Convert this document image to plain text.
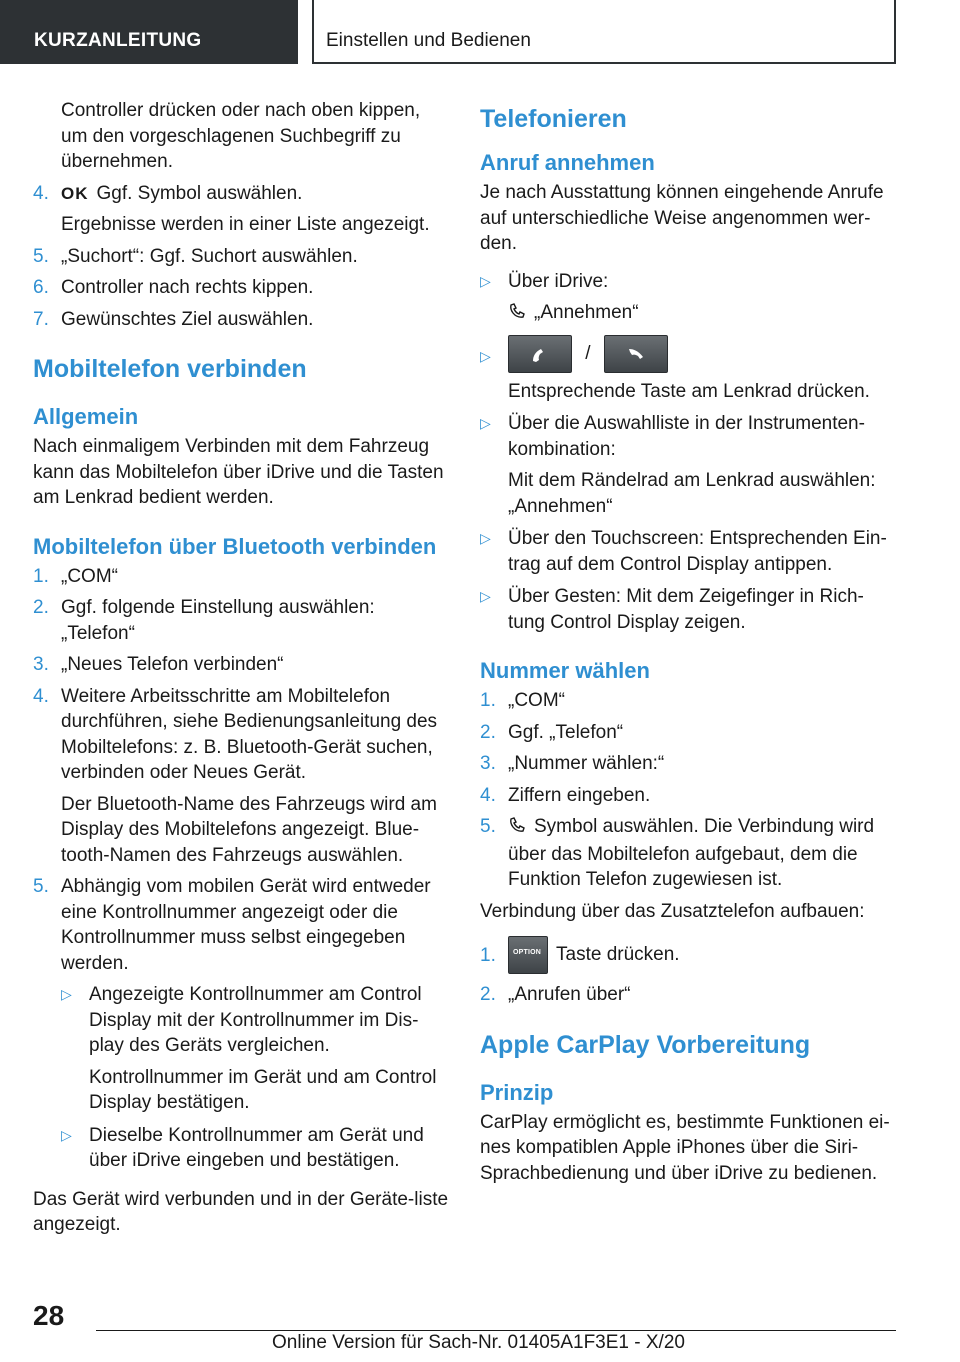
KURZANLEITUNG	Einstellen und Bedienen
Controller drücken oder nach oben kippen, um den vorgeschlagenen Suchbegriff zu übernehmen.
4. OK Ggf. Symbol auswählen.
Ergebnisse werden in einer Liste angezeigt.
5. „Suchort“: Ggf. Suchort auswählen.
6. Controller nach rechts kippen.
7. Gewünschtes Ziel auswählen.
Mobiltelefon verbinden
Allgemein
Nach einmaligem Verbinden mit dem Fahrzeug kann das Mobiltelefon über iDrive und die Tasten am Lenkrad bedient werden.
Mobiltelefon über Bluetooth verbinden
1. „COM“
2. Ggf. folgende Einstellung auswählen: „Telefon“
3. „Neues Telefon verbinden“
4. Weitere Arbeitsschritte am Mobiltelefon durchführen, siehe Bedienungsanleitung des Mobiltelefons: z. B. Bluetooth-Gerät suchen, verbinden oder Neues Gerät.
Der Bluetooth-Name des Fahrzeugs wird am Display des Mobiltelefons angezeigt. Blue-tooth-Namen des Fahrzeugs auswählen.
5. Abhängig vom mobilen Gerät wird entweder eine Kontrollnummer angezeigt oder die Kontrollnummer muss selbst eingegeben werden.
▷ Angezeigte Kontrollnummer am Control Display mit der Kontrollnummer im Dis-play des Geräts vergleichen.
Kontrollnummer im Gerät und am Control Display bestätigen.
▷ Dieselbe Kontrollnummer am Gerät und über iDrive eingeben und bestätigen.
Das Gerät wird verbunden und in der Geräte-liste angezeigt.
Telefonieren
Anruf annehmen
Je nach Ausstattung können eingehende Anrufe auf unterschiedliche Weise angenommen wer-den.
▷ Über iDrive:
„Annehmen“
▷	/
Entsprechende Taste am Lenkrad drücken.
▷ Über die Auswahlliste in der Instrumenten-kombination:
Mit dem Rändelrad am Lenkrad auswählen:
„Annehmen“
▷ Über den Touchscreen: Entsprechenden Ein-trag auf dem Control Display antippen.
▷ Über Gesten: Mit dem Zeigefinger in Rich-tung Control Display zeigen.
Nummer wählen
1. „COM“
2. Ggf. „Telefon“
3. „Nummer wählen:“
4. Ziffern eingeben.
5.	Symbol auswählen. Die Verbindung wird über das Mobiltelefon aufgebaut, dem die Funktion Telefon zugewiesen ist.
Verbindung über das Zusatztelefon aufbauen:
1.	OPTION Taste drücken.
2. „Anrufen über“
Apple CarPlay Vorbereitung
Prinzip
CarPlay ermöglicht es, bestimmte Funktionen ei-nes kompatiblen Apple iPhones über die Siri-Sprachbedienung und über iDrive zu bedienen.
28
Online Version für Sach-Nr. 01405A1F3E1 - X/20
